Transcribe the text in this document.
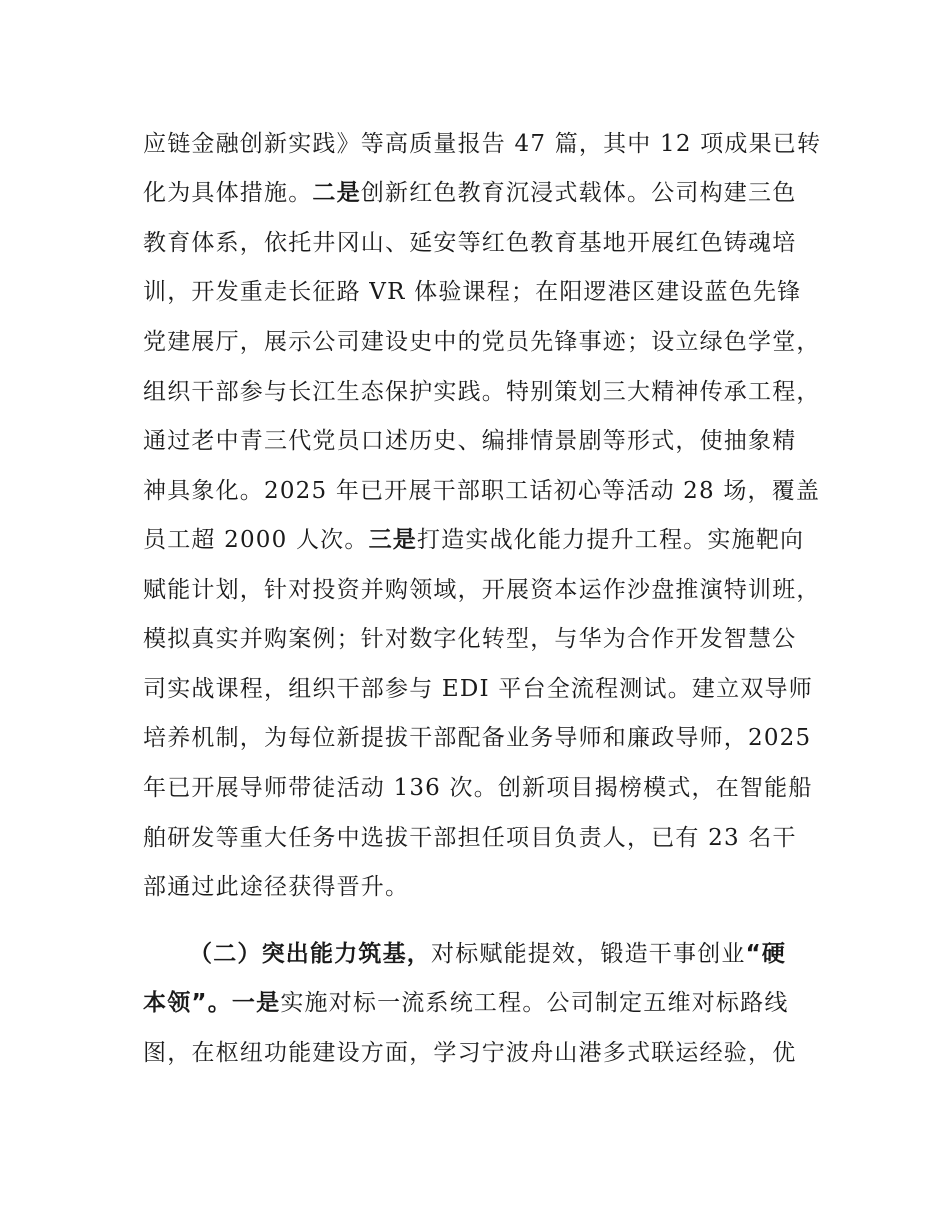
应链金融创新实践》等高质量报告 47 篇，其中 12 项成果已转
化为具体措施。二是创新红色教育沉浸式载体。公司构建三色
教育体系，依托井冈山、延安等红色教育基地开展红色铸魂培
训，开发重走长征路 VR 体验课程；在阳逻港区建设蓝色先锋
党建展厅，展示公司建设史中的党员先锋事迹；设立绿色学堂，
组织干部参与长江生态保护实践。特别策划三大精神传承工程，
通过老中青三代党员口述历史、编排情景剧等形式，使抽象精
神具象化。2025 年已开展干部职工话初心等活动 28 场，覆盖
员工超 2000 人次。三是打造实战化能力提升工程。实施靶向
赋能计划，针对投资并购领域，开展资本运作沙盘推演特训班，
模拟真实并购案例；针对数字化转型，与华为合作开发智慧公
司实战课程，组织干部参与 EDI 平台全流程测试。建立双导师
培养机制，为每位新提拔干部配备业务导师和廉政导师，2025
年已开展导师带徒活动 136 次。创新项目揭榜模式，在智能船
舶研发等重大任务中选拔干部担任项目负责人，已有 23 名干
部通过此途径获得晋升。
（二）突出能力筑基，对标赋能提效，锻造干事创业“硬
本领”。一是实施对标一流系统工程。公司制定五维对标路线
图，在枢纽功能建设方面，学习宁波舟山港多式联运经验，优
